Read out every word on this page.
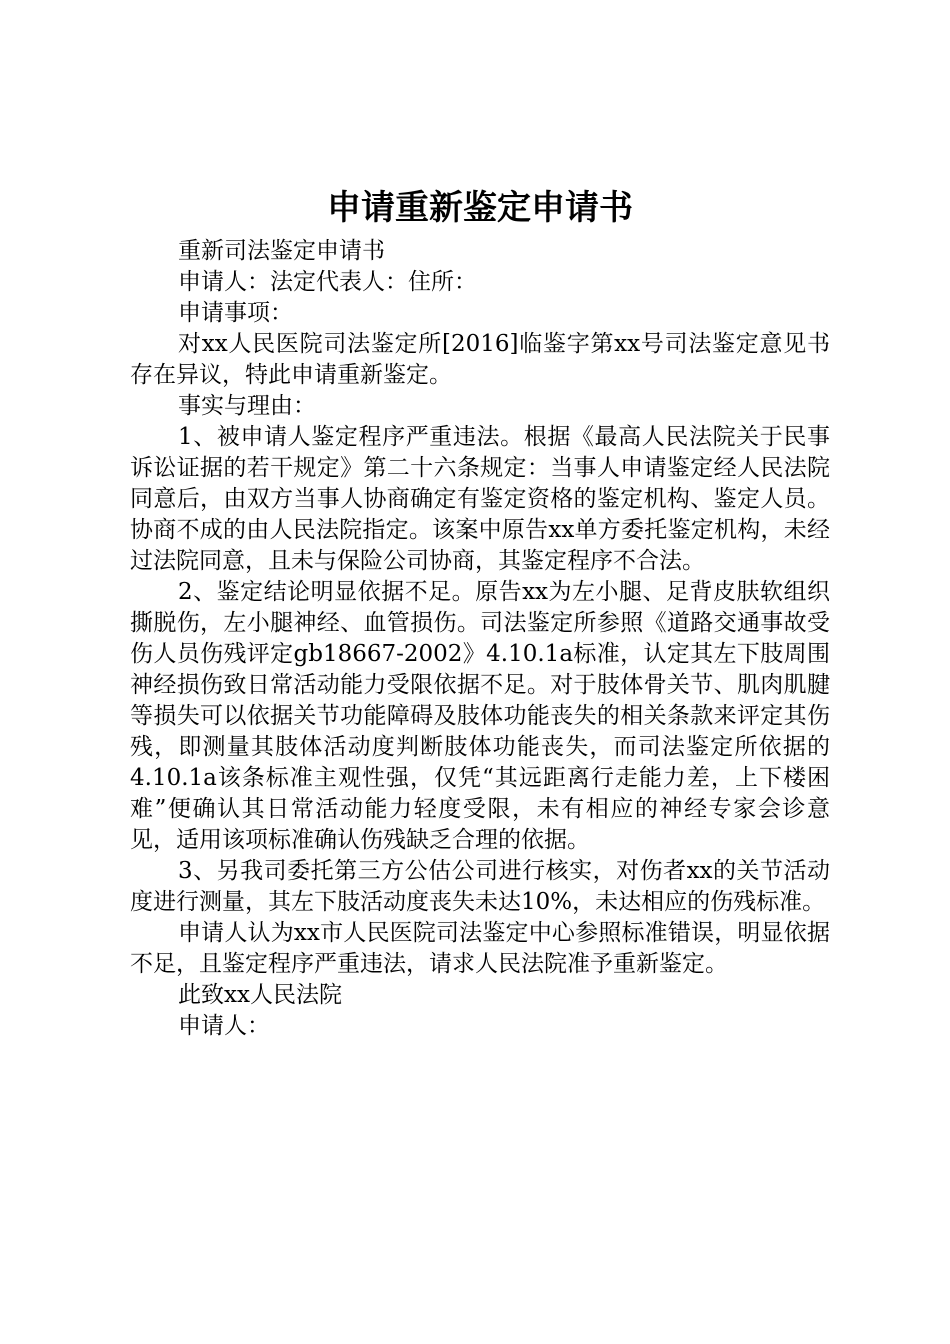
申请重新鉴定申请书

重新司法鉴定申请书

申请人：法定代表人：住所：

申请事项：

对xx人民医院司法鉴定所[2016]临鉴字第xx号司法鉴定意见书存在异议，特此申请重新鉴定。

事实与理由：

1、被申请人鉴定程序严重违法。根据《最高人民法院关于民事诉讼证据的若干规定》第二十六条规定：当事人申请鉴定经人民法院同意后，由双方当事人协商确定有鉴定资格的鉴定机构、鉴定人员。协商不成的由人民法院指定。该案中原告xx单方委托鉴定机构，未经过法院同意，且未与保险公司协商，其鉴定程序不合法。

2、鉴定结论明显依据不足。原告xx为左小腿、足背皮肤软组织撕脱伤，左小腿神经、血管损伤。司法鉴定所参照《道路交通事故受伤人员伤残评定gb18667-2002》4.10.1a标准，认定其左下肢周围神经损伤致日常活动能力受限依据不足。对于肢体骨关节、肌肉肌腱等损失可以依据关节功能障碍及肢体功能丧失的相关条款来评定其伤残，即测量其肢体活动度判断肢体功能丧失，而司法鉴定所依据的4.10.1a该条标准主观性强，仅凭“其远距离行走能力差，上下楼困难”便确认其日常活动能力轻度受限，未有相应的神经专家会诊意见，适用该项标准确认伤残缺乏合理的依据。

3、另我司委托第三方公估公司进行核实，对伤者xx的关节活动度进行测量，其左下肢活动度丧失未达10%，未达相应的伤残标准。

申请人认为xx市人民医院司法鉴定中心参照标准错误，明显依据不足，且鉴定程序严重违法，请求人民法院准予重新鉴定。

此致xx人民法院

申请人：
